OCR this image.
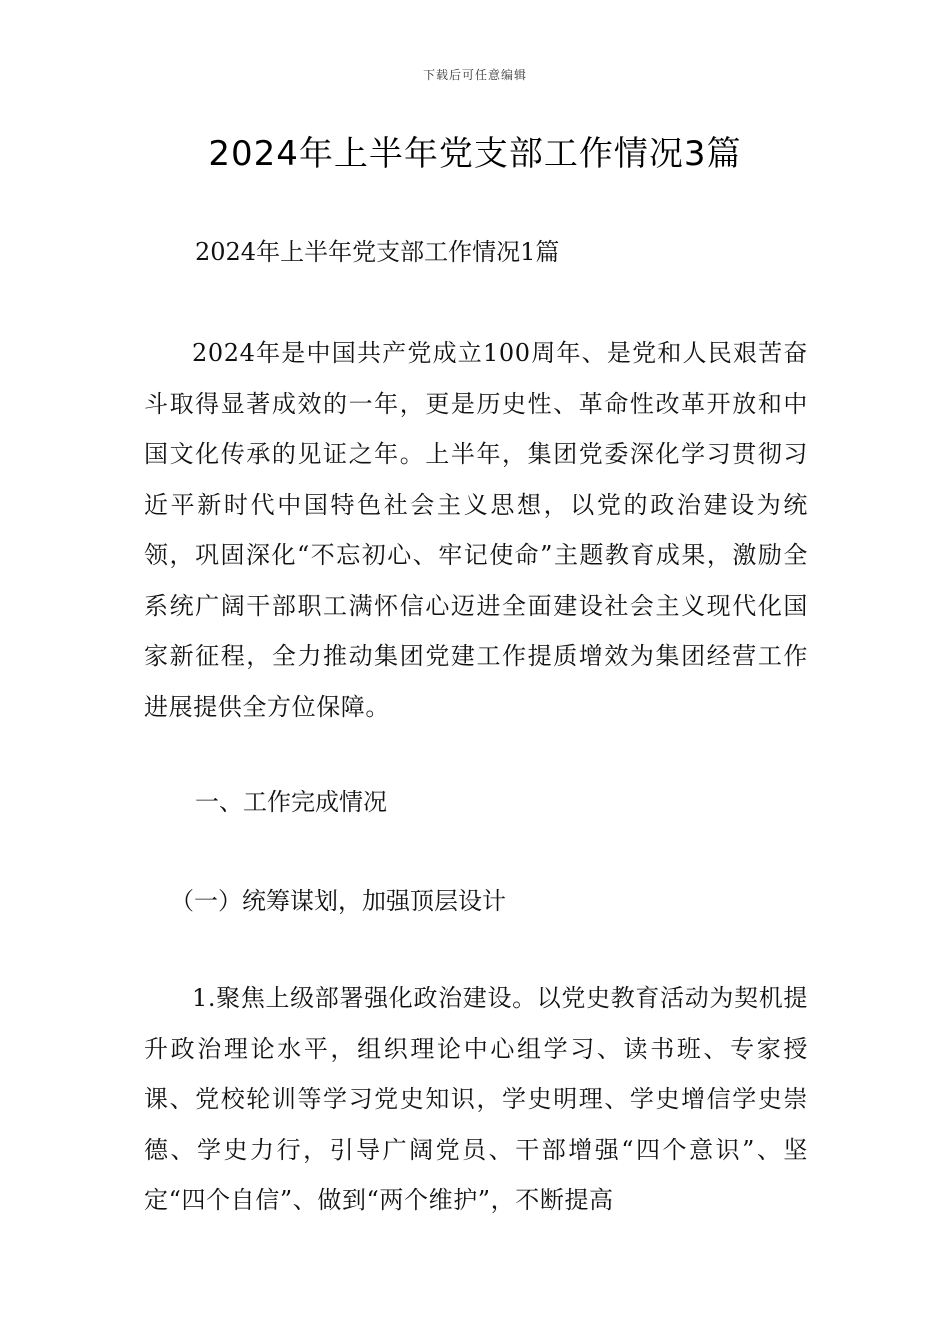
下载后可任意编辑
2024年上半年党支部工作情况3篇
2024年上半年党支部工作情况1篇

2024年是中国共产党成立100周年、是党和人民艰苦奋斗取得显著成效的一年，更是历史性、革命性改革开放和中国文化传承的见证之年。上半年，集团党委深化学习贯彻习近平新时代中国特色社会主义思想，以党的政治建设为统领，巩固深化“不忘初心、牢记使命”主题教育成果，激励全系统广阔干部职工满怀信心迈进全面建设社会主义现代化国家新征程，全力推动集团党建工作提质增效为集团经营工作进展提供全方位保障。

一、工作完成情况
（一）统筹谋划，加强顶层设计

1.聚焦上级部署强化政治建设。以党史教育活动为契机提升政治理论水平，组织理论中心组学习、读书班、专家授课、党校轮训等学习党史知识，学史明理、学史增信学史崇德、学史力行，引导广阔党员、干部增强“四个意识”、坚定“四个自信”、做到“两个维护”，不断提高
